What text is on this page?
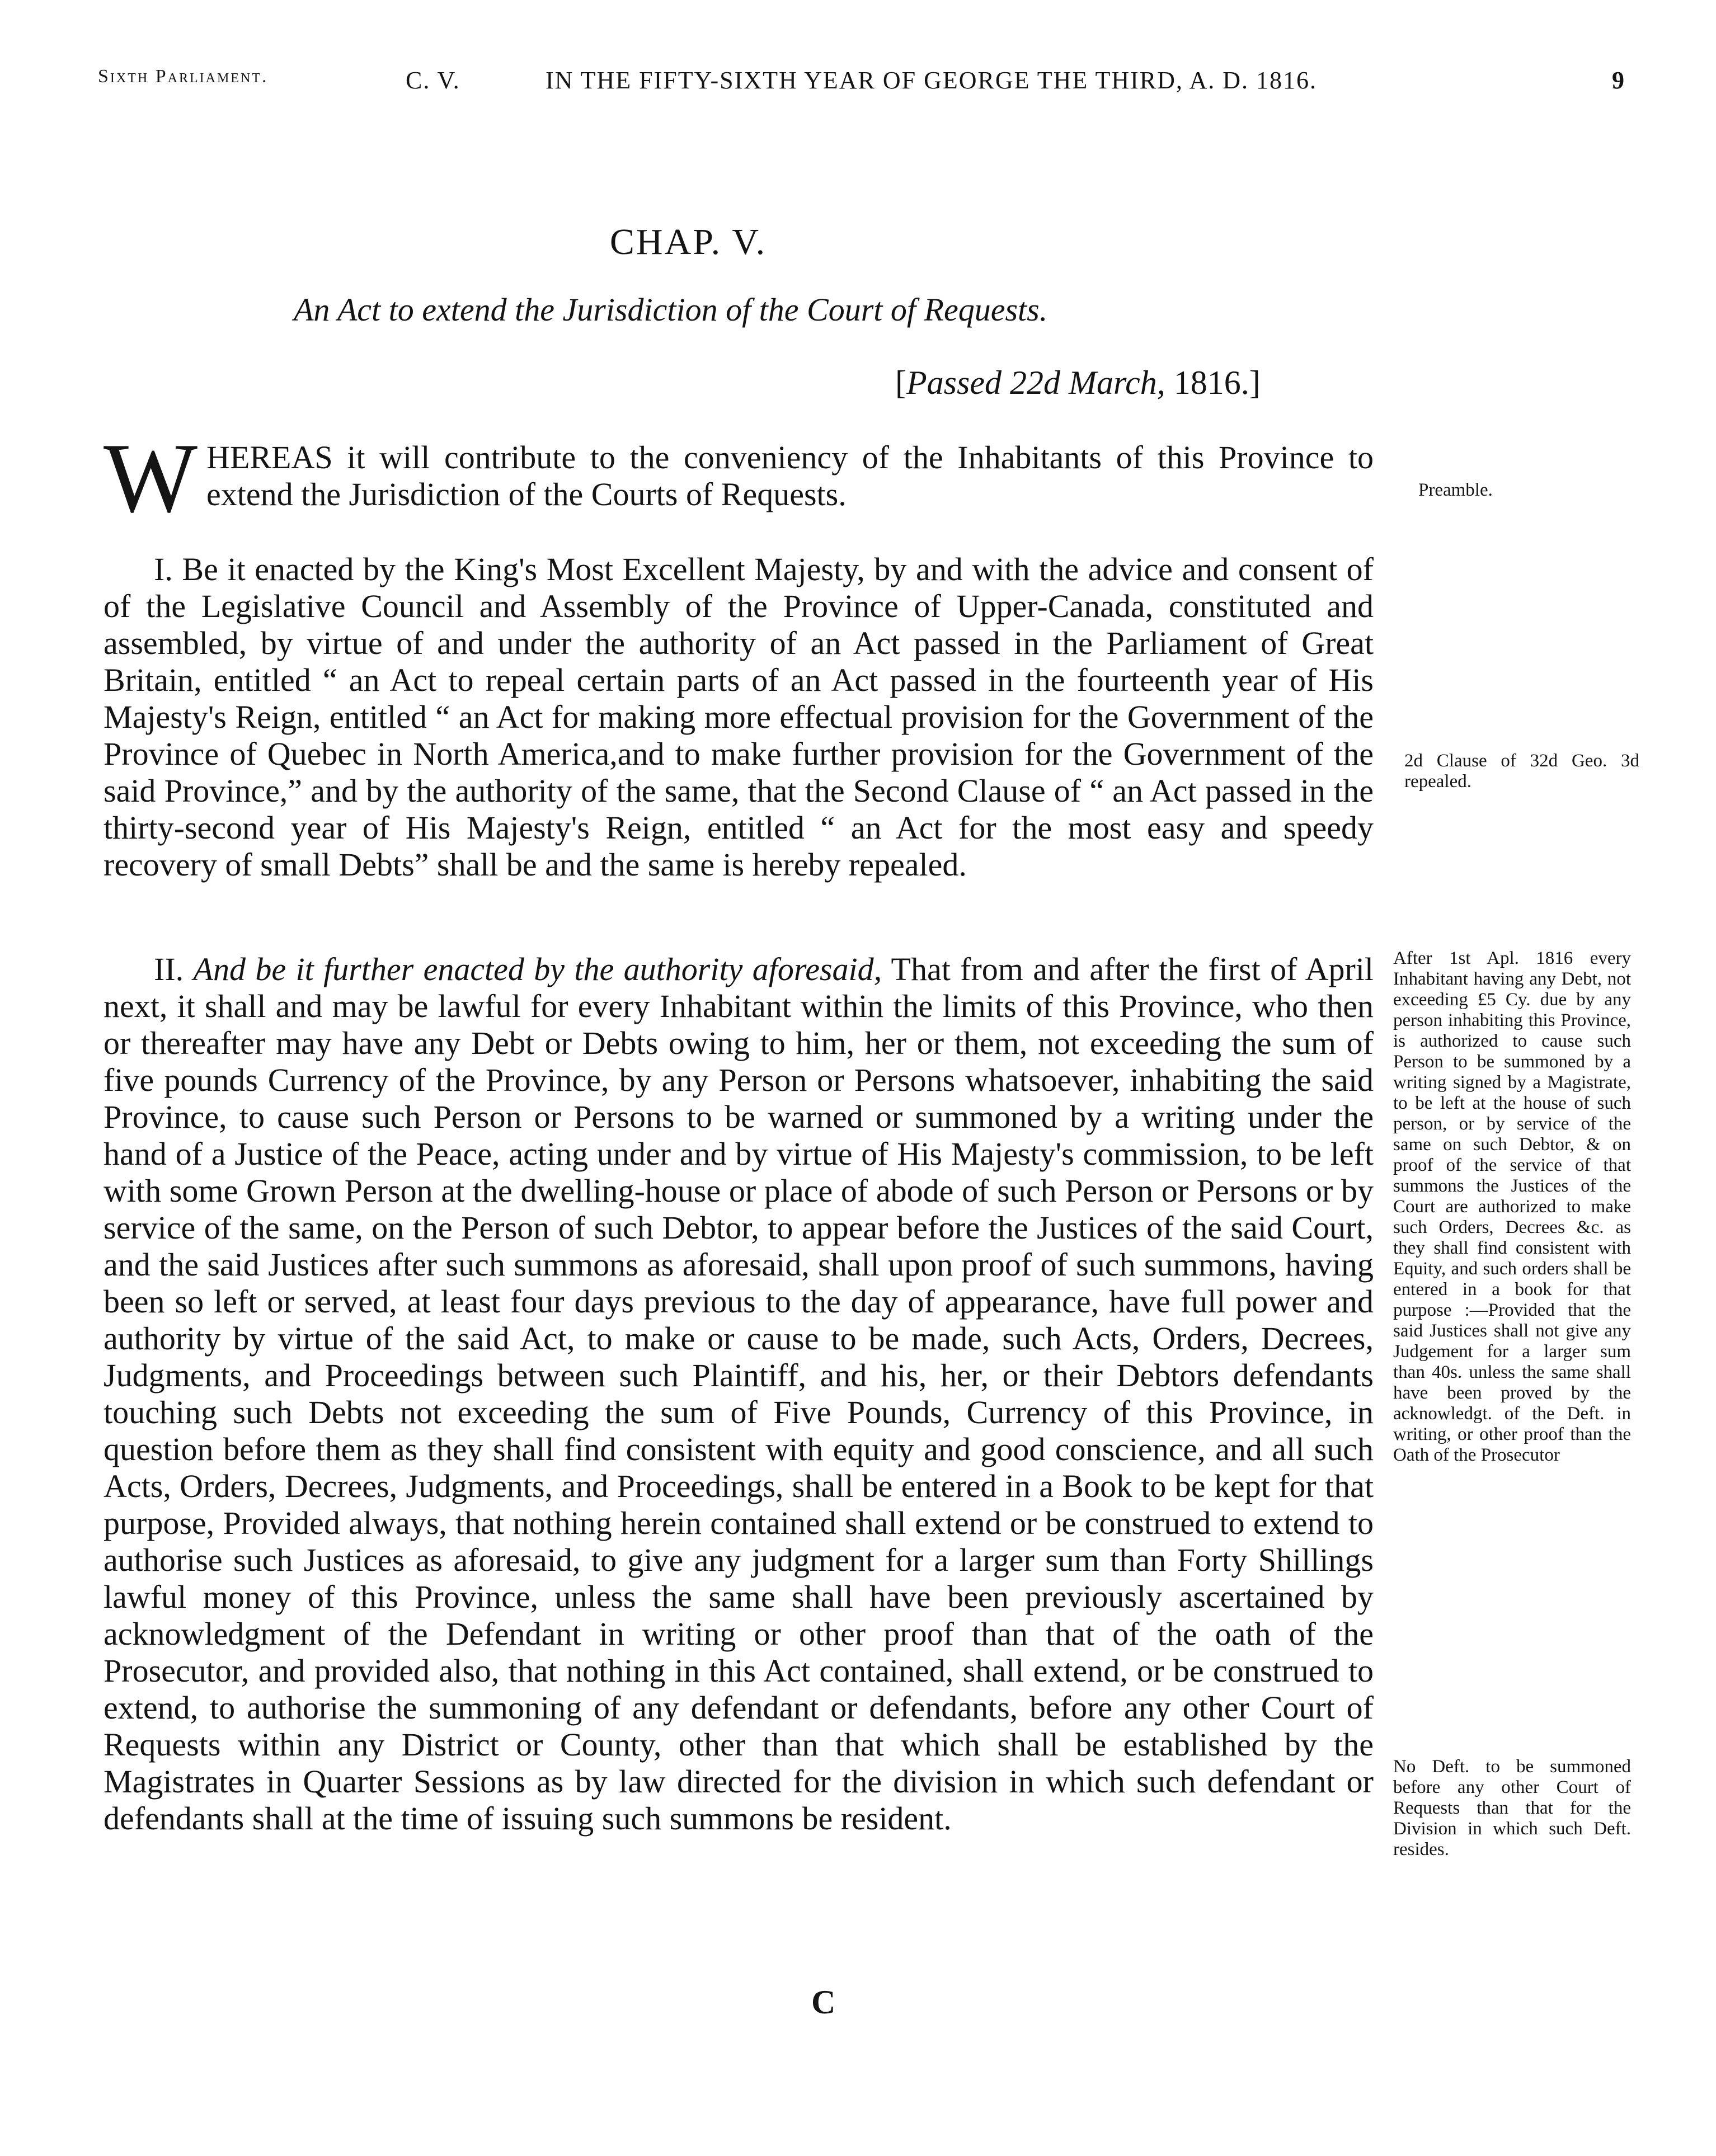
Sixth Parliament.	C. V.	IN THE FIFTY-SIXTH YEAR OF GEORGE THE THIRD, A. D. 1816.	9
CHAP. V.
An Act to extend the Jurisdiction of the Court of Requests.
[Passed 22d March, 1816.]
W HEREAS it will contribute to the conveniency of the Inhabitants of this Province to extend the Jurisdiction of the Courts of Requests.
I. Be it enacted by the King's Most Excellent Majesty, by and with the advice and consent of of the Legislative Council and Assembly of the Province of Upper-Canada, constituted and assembled, by virtue of and under the authority of an Act passed in the Parliament of Great Britain, entitled “ an Act to repeal certain parts of an Act passed in the fourteenth year of His Majesty's Reign, entitled “ an Act for making more effectual provision for the Government of the Province of Quebec in North America,and to make further provision for the Government of the said Province,” and by the authority of the same, that the Second Clause of “ an Act passed in the thirty-second year of His Majesty's Reign, entitled “ an Act for the most easy and speedy recovery of small Debts” shall be and the same is hereby repealed.
II. And be it further enacted by the authority aforesaid, That from and after the first of April next, it shall and may be lawful for every Inhabitant within the limits of this Province, who then or thereafter may have any Debt or Debts owing to him, her or them, not exceeding the sum of five pounds Currency of the Province, by any Person or Persons whatsoever, inhabiting the said Province, to cause such Person or Persons to be warned or summoned by a writing under the hand of a Justice of the Peace, acting under and by virtue of His Majesty's commission, to be left with some Grown Person at the dwelling-house or place of abode of such Person or Persons or by service of the same, on the Person of such Debtor, to appear before the Justices of the said Court, and the said Justices after such summons as aforesaid, shall upon proof of such summons, having been so left or served, at least four days previous to the day of appearance, have full power and authority by virtue of the said Act, to make or cause to be made, such Acts, Orders, Decrees, Judgments, and Proceedings between such Plaintiff, and his, her, or their Debtors defendants touching such Debts not exceeding the sum of Five Pounds, Currency of this Province, in question before them as they shall find consistent with equity and good conscience, and all such Acts, Orders, Decrees, Judgments, and Proceedings, shall be entered in a Book to be kept for that purpose, Provided always, that nothing herein contained shall extend or be construed to extend to authorise such Justices as aforesaid, to give any judgment for a larger sum than Forty Shillings lawful money of this Province, unless the same shall have been previously ascertained by acknowledgment of the Defendant in writing or other proof than that of the oath of the Prosecutor, and provided also, that nothing in this Act contained, shall extend, or be construed to extend, to authorise the summoning of any defendant or defendants, before any other Court of Requests within any District or County, other than that which shall be established by the Magistrates in Quarter Sessions as by law directed for the division in which such defendant or defendants shall at the time of issuing such summons be resident.
Preamble.
2d Clause of 32d Geo. 3d repealed.
After 1st Apl. 1816 every Inhabitant having any Debt, not exceeding £5 Cy. due by any person inhabiting this Province, is authorized to cause such Person to be summoned by a writing signed by a Magistrate, to be left at the house of such person, or by service of the same on such Debtor, & on proof of the service of that summons the Justices of the Court are authorized to make such Orders, Decrees &c. as they shall find consistent with Equity, and such orders shall be entered in a book for that purpose :—Provided that the said Justices shall not give any Judgement for a larger sum than 40s. unless the same shall have been proved by the acknowledgt. of the Deft. in writing, or other proof than the Oath of the Prosecutor
No Deft. to be summoned before any other Court of Requests than that for the Division in which such Deft. resides.
C
